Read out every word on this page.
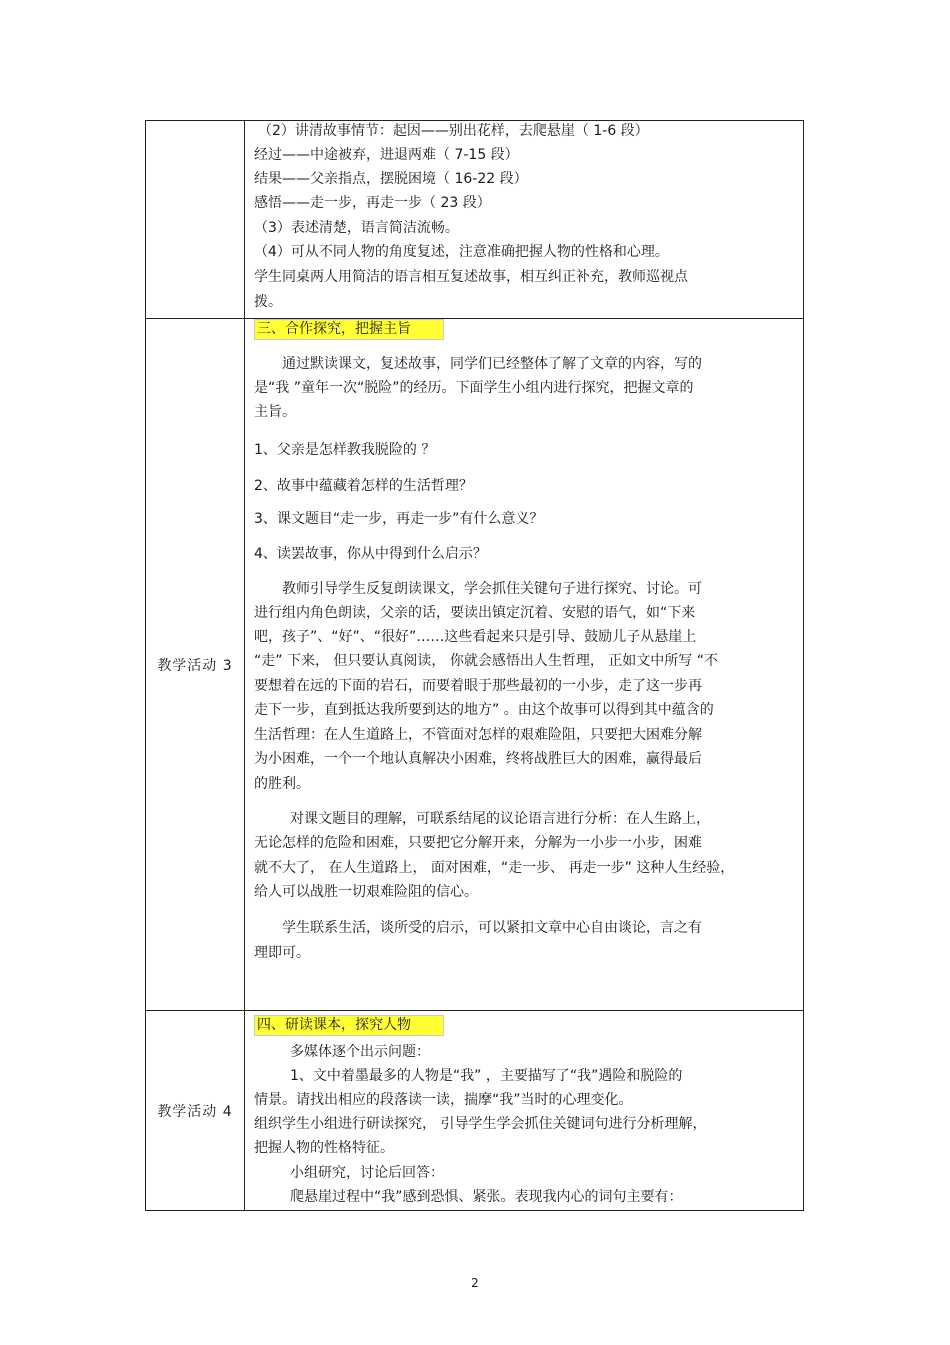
（2）讲清故事情节：起因——别出花样，去爬悬崖（ 1-6 段）
经过——中途被弃，进退两难（ 7-15 段）
结果——父亲指点，摆脱困境（ 16-22 段）
感悟——走一步，再走一步（ 23 段）
（3）表述清楚，语言简洁流畅。
（4）可从不同人物的角度复述，注意准确把握人物的性格和心理。
学生同桌两人用简洁的语言相互复述故事，相互纠正补充，教师巡视点
拨。
教学活动 3
三、合作探究，把握主旨
通过默读课文，复述故事，同学们已经整体了解了文章的内容，写的
是“我 ”童年一次“脱险”的经历。下面学生小组内进行探究，把握文章的
主旨。
1、父亲是怎样教我脱险的 ？
2、故事中蕴藏着怎样的生活哲理？
3、课文题目“走一步，再走一步”有什么意义？
4、读罢故事，你从中得到什么启示？
教师引导学生反复朗读课文，学会抓住关键句子进行探究、讨论。可
进行组内角色朗读，父亲的话，要读出镇定沉着、安慰的语气，如“下来
吧，孩子”、“好”、“很好”……这些看起来只是引导、鼓励儿子从悬崖上
“走” 下来， 但只要认真阅读， 你就会感悟出人生哲理， 正如文中所写 “不
要想着在远的下面的岩石，而要着眼于那些最初的一小步，走了这一步再
走下一步，直到抵达我所要到达的地方” 。由这个故事可以得到其中蕴含的
生活哲理：在人生道路上，不管面对怎样的艰难险阻，只要把大困难分解
为小困难，一个一个地认真解决小困难，终将战胜巨大的困难，赢得最后
的胜利。
对课文题目的理解，可联系结尾的议论语言进行分析：在人生路上，
无论怎样的危险和困难，只要把它分解开来，分解为一小步一小步，困难
就不大了， 在人生道路上， 面对困难，“走一步、 再走一步” 这种人生经验，
给人可以战胜一切艰难险阻的信心。
学生联系生活，谈所受的启示，可以紧扣文章中心自由谈论，言之有
理即可。
教学活动 4
四、研读课本，探究人物
多媒体逐个出示问题：
1、文中着墨最多的人物是“我” ，主要描写了“我”遇险和脱险的
情景。请找出相应的段落读一读，揣摩“我”当时的心理变化。
组织学生小组进行研读探究， 引导学生学会抓住关键词句进行分析理解，
把握人物的性格特征。
小组研究，讨论后回答：
爬悬崖过程中“我”感到恐惧、紧张。表现我内心的词句主要有：
2
